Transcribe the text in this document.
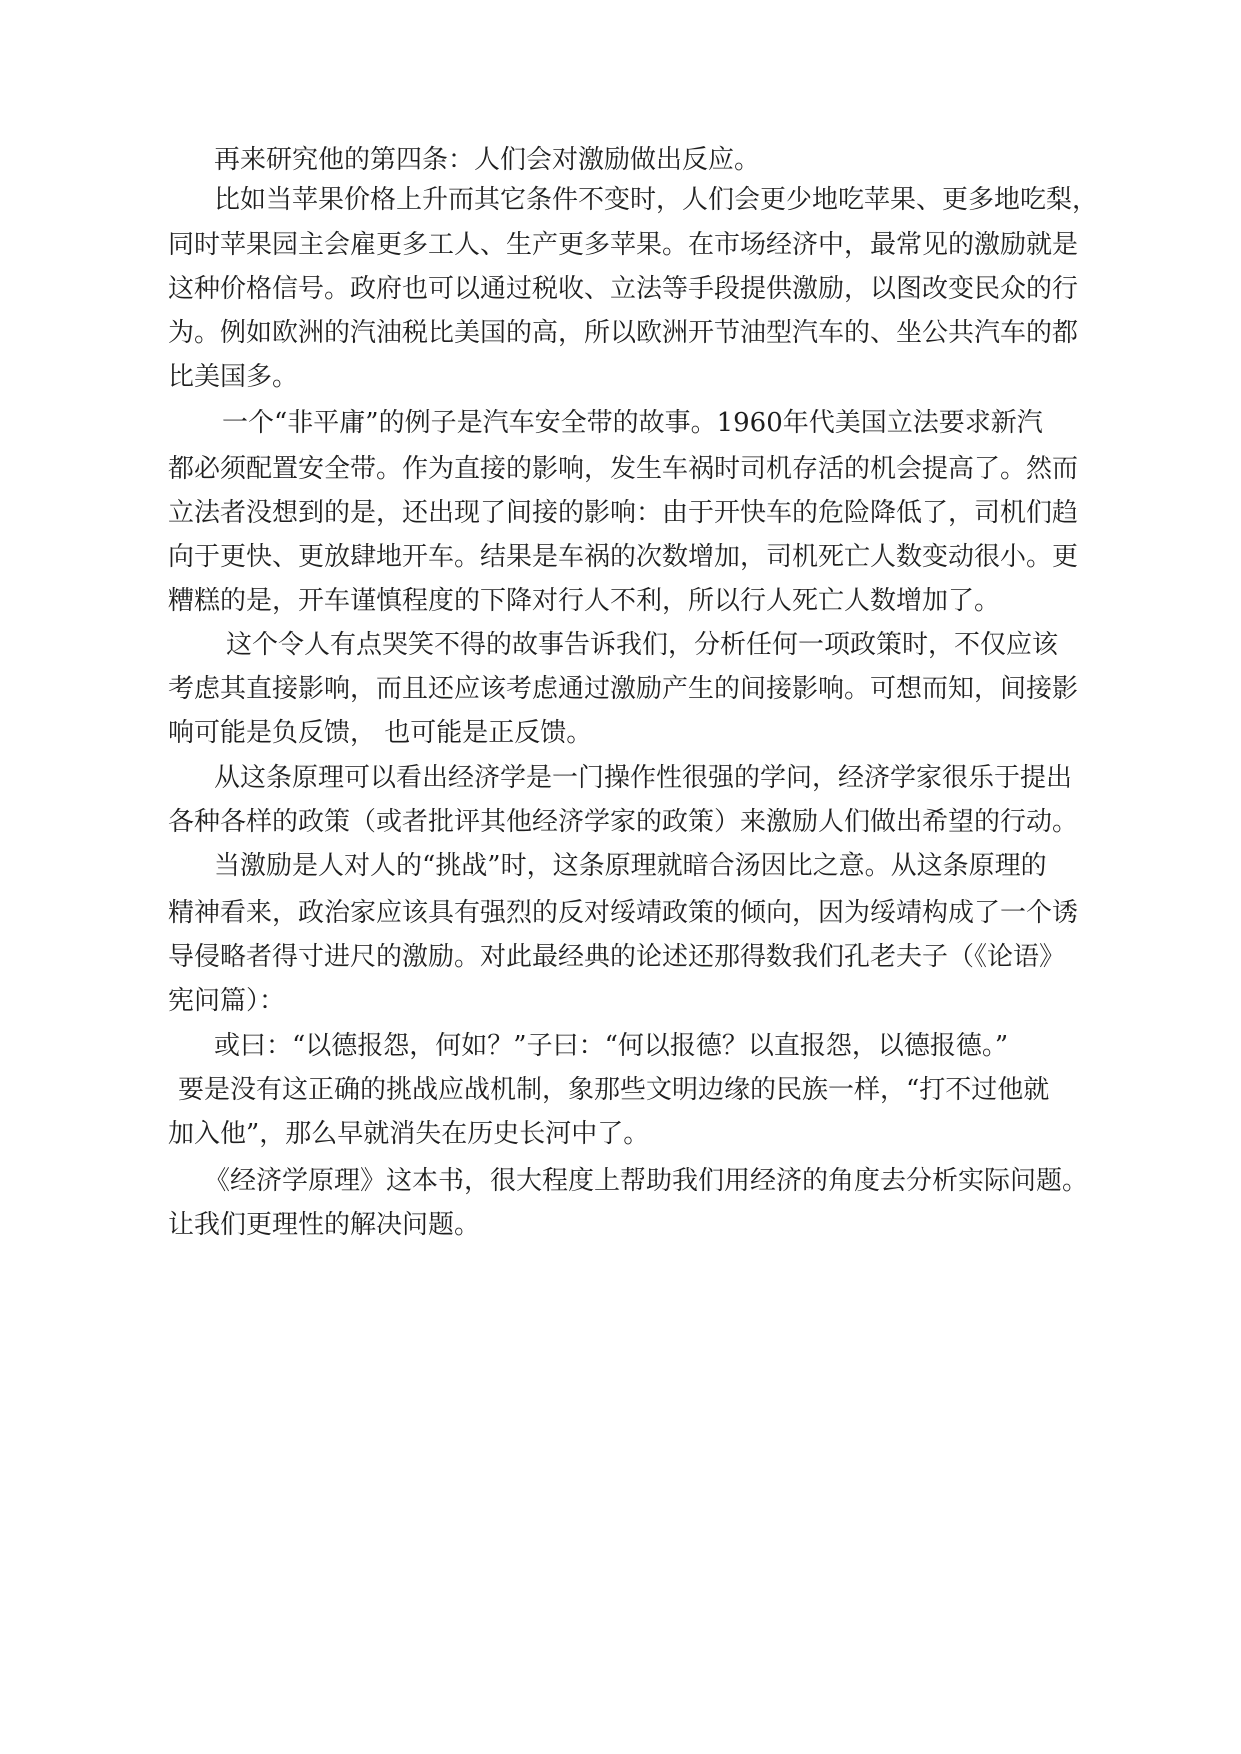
再来研究他的第四条：人们会对激励做出反应。
比如当苹果价格上升而其它条件不变时，人们会更少地吃苹果、更多地吃梨，
同时苹果园主会雇更多工人、生产更多苹果。在市场经济中，最常见的激励就是
这种价格信号。政府也可以通过税收、立法等手段提供激励，以图改变民众的行
为。例如欧洲的汽油税比美国的高，所以欧洲开节油型汽车的、坐公共汽车的都
比美国多。
一个“非平庸”的例子是汽车安全带的故事。1960年代美国立法要求新汽
都必须配置安全带。作为直接的影响，发生车祸时司机存活的机会提高了。然而
立法者没想到的是，还出现了间接的影响：由于开快车的危险降低了，司机们趋
向于更快、更放肆地开车。结果是车祸的次数增加，司机死亡人数变动很小。更
糟糕的是，开车谨慎程度的下降对行人不利，所以行人死亡人数增加了。
这个令人有点哭笑不得的故事告诉我们，分析任何一项政策时，不仅应该
考虑其直接影响，而且还应该考虑通过激励产生的间接影响。可想而知，间接影
响可能是负反馈， 也可能是正反馈。
从这条原理可以看出经济学是一门操作性很强的学问，经济学家很乐于提出
各种各样的政策（或者批评其他经济学家的政策）来激励人们做出希望的行动。
当激励是人对人的“挑战”时，这条原理就暗合汤因比之意。从这条原理的
精神看来，政治家应该具有强烈的反对绥靖政策的倾向，因为绥靖构成了一个诱
导侵略者得寸进尺的激励。对此最经典的论述还那得数我们孔老夫子（《论语》
宪问篇）：
或曰：“以德报怨，何如？”子曰：“何以报德？以直报怨，以德报德。”
要是没有这正确的挑战应战机制，象那些文明边缘的民族一样，“打不过他就
加入他”，那么早就消失在历史长河中了。
《经济学原理》这本书，很大程度上帮助我们用经济的角度去分析实际问题。
让我们更理性的解决问题。
